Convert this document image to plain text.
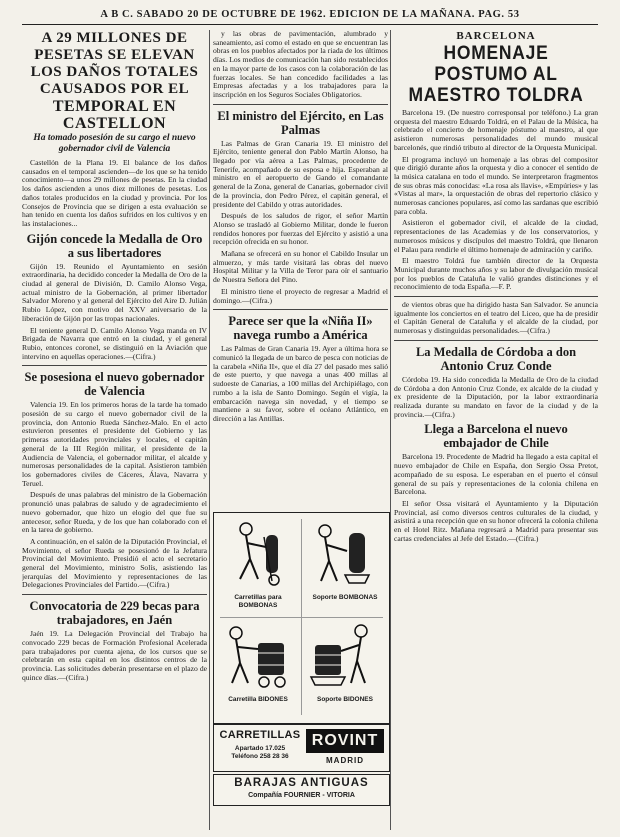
A B C. SABADO 20 DE OCTUBRE DE 1962. EDICION DE LA MAÑANA. PAG. 53
A 29 MILLONES DE PESETAS SE ELEVAN LOS DAÑOS TOTALES CAUSADOS POR EL
TEMPORAL EN CASTELLON
Ha tomado posesión de su cargo el nuevo gobernador civil de Valencia

Castellón de la Plana 19. El balance de los daños causados en el temporal ascienden—de los que se ha tenido conocimiento—a unos 29 millones de pesetas. En la ciudad los daños ascienden a unos diez millones de pesetas. Los daños totales producidos en la ciudad y provincia. Por los Consejos de Provincia que se dirigen a esta evaluación se han tenido en cuenta los daños sufridos en los cultivos y en las instalaciones...

Gijón concede la Medalla de Oro a sus libertadores

Gijón 19. Reunido el Ayuntamiento en sesión extraordinaria, ha decidido conceder la Medalla de Oro de la ciudad al general de División, D. Camilo Alonso Vega, actual ministro de la Gobernación, al primer libertador Salvador Moreno y al general del Ejército del Aire D. Julián Rubio López, con motivo del XXV aniversario de la liberación de Gijón por las tropas nacionales.

El teniente general D. Camilo Alonso Vega manda en IV Brigada de Navarra que entró en la ciudad, y el general Rubio, entonces coronel, se distinguió en la Aviación que intervino en aquellas operaciones.—(Cifra.)

Se posesiona el nuevo gobernador de Valencia

Valencia 19. En los primeros horas de la tarde ha tomado posesión de su cargo el nuevo gobernador civil de la provincia, don Antonio Rueda Sánchez-Malo. En el acto estuvieron presentes el presidente del Gobierno y las primeras autoridades provinciales y locales, el capitán general de la III Región militar, el presidente de la Audiencia de Valencia, el gobernador militar, el alcalde y numerosas personalidades de la capital. Asistieron también los gobernadores civiles de Cáceres, Álava, Navarra y Teruel.

Después de unas palabras del ministro de la Gobernación pronunció unas palabras de saludo y de agradecimiento el nuevo gobernador, que hizo un elogio del que fue su antecesor, señor Rueda, y de los que han colaborado con el en la tarea de gobierno.

A continuación, en el salón de la Diputación Provincial, el Movimiento, el señor Rueda se posesionó de la Jefatura Provincial del Movimiento. Presidió el acto el secretario general del Movimiento, ministro Solís, asistiendo las jerarquías del Movimiento y representaciones de las Delegaciones Provinciales del Partido.—(Cifra.)

Convocatoria de 229 becas para trabajadores, en Jaén

Jaén 19. La Delegación Provincial del Trabajo ha convocado 229 becas de Formación Profesional Acelerada para trabajadores por cuenta ajena, de los cursos que se celebrarán en esta capital en los distintos centros de la provincia. Las solicitudes deberán presentarse en el plazo de quince días.—(Cifra.)

y las obras de pavimentación, alumbrado y saneamiento, así como el estado en que se encuentran las obras en los pueblos afectados por la riada de los últimos días. Los medios de comunicación han sido restablecidos en la mayor parte de los casos con la colaboración de las fuerzas locales. Se han concedido facilidades a las Empresas afectadas y a los trabajadores para la inscripción en los Seguros Sociales Obligatorios.

El ministro del Ejército, en Las Palmas

Las Palmas de Gran Canaria 19. El ministro del Ejército, teniente general don Pablo Martín Alonso, ha llegado por vía aérea a Las Palmas, procedente de Tenerife, acompañado de su esposa e hija. Esperaban al ministro en el aeropuerto de Gando el comandante general de la Zona, general de Canarias, gobernador civil de la provincia, don Pedro Pérez, el capitán general, el presidente del Cabildo y otras autoridades.

Después de los saludos de rigor, el señor Martín Alonso se trasladó al Gobierno Militar, donde le fueron rendidos honores por fuerzas del Ejército y asistió a una recepción ofrecida en su honor.

Mañana se ofrecerá en su honor el Cabildo Insular un almuerzo, y más tarde visitará las obras del nuevo Hospital Militar y la Villa de Teror para oír el santuario de Nuestra Señora del Pino.

El ministro tiene el proyecto de regresar a Madrid el domingo.—(Cifra.)

Parece ser que la «Niña II» navega rumbo a América

Las Palmas de Gran Canaria 19. Ayer a última hora se comunicó la llegada de un barco de pesca con noticias de la carabela «Niña II», que el día 27 del pasado mes salió de este puerto, y que navega a unas 400 millas al sudoeste de Canarias, a 100 millas del Archipiélago, con rumbo a la isla de Santo Domingo. Según el vigía, la embarcación navega sin novedad, y el tiempo se mantiene a su favor, sobre el océano Atlántico, en dirección a las Antillas.

Carretillas para BOMBONAS
Soporte BOMBONAS
Carretilla BIDONES	Soporte BIDONES
CARRETILLAS
Apartado 17.025
Teléfono 258 28 36
ROVINT
MADRID
BARAJAS ANTIGUAS
Compañía FOURNIER - VITORIA
BARCELONA
HOMENAJE POSTUMO AL MAESTRO TOLDRA

Barcelona 19. (De nuestro corresponsal por teléfono.) La gran orquesta del maestro Eduardo Toldrá, en el Palau de la Música, ha celebrado el concierto de homenaje póstumo al maestro, al que asistieron numerosas personalidades del mundo musical barcelonés, que rindió tributo al director de la Orquesta Municipal.

El programa incluyó un homenaje a las obras del compositor que dirigió durante años la orquesta y dio a conocer el sentido de la música catalana en todo el mundo. Se interpretaron fragmentos de sus obras más conocidas: «La rosa als llavis», «Empúries» y las «Vistas al mar», la orquestación de obras del repertorio clásico y numerosas canciones populares, así como las sardanas que escribió para cobla.

Asistieron el gobernador civil, el alcalde de la ciudad, representaciones de las Academias y de los conservatorios, y numerosos músicos y discípulos del maestro Toldrá, que llenaron el Palau para rendirle el último homenaje de admiración y cariño.

El maestro Toldrá fue también director de la Orquesta Municipal durante muchos años y su labor de divulgación musical por los pueblos de Cataluña le valió grandes distinciones y el reconocimiento de toda España.—F. P.

de vientos obras que ha dirigido hasta San Salvador. Se anuncia igualmente los conciertos en el teatro del Liceo, que ha de presidir el Capitán General de Cataluña y el alcalde de la ciudad, por numerosas y distinguidas personalidades.—(Cifra.)

La Medalla de Córdoba a don Antonio Cruz Conde

Córdoba 19. Ha sido concedida la Medalla de Oro de la ciudad de Córdoba a don Antonio Cruz Conde, ex alcalde de la ciudad y ex presidente de la Diputación, por la labor extraordinaria realizada durante su mandato en favor de la ciudad y de la provincia.—(Cifra.)

Llega a Barcelona el nuevo embajador de Chile

Barcelona 19. Procedente de Madrid ha llegado a esta capital el nuevo embajador de Chile en España, don Sergio Ossa Pretot, acompañado de su esposa. Le esperaban en el puerto el cónsul general de su país y representaciones de la colonia chilena en Barcelona.

El señor Ossa visitará el Ayuntamiento y la Diputación Provincial, así como diversos centros culturales de la ciudad, y asistirá a una recepción que en su honor ofrecerá la colonia chilena en el Hotel Ritz. Mañana regresará a Madrid para presentar sus cartas credenciales al Jefe del Estado.—(Cifra.)
